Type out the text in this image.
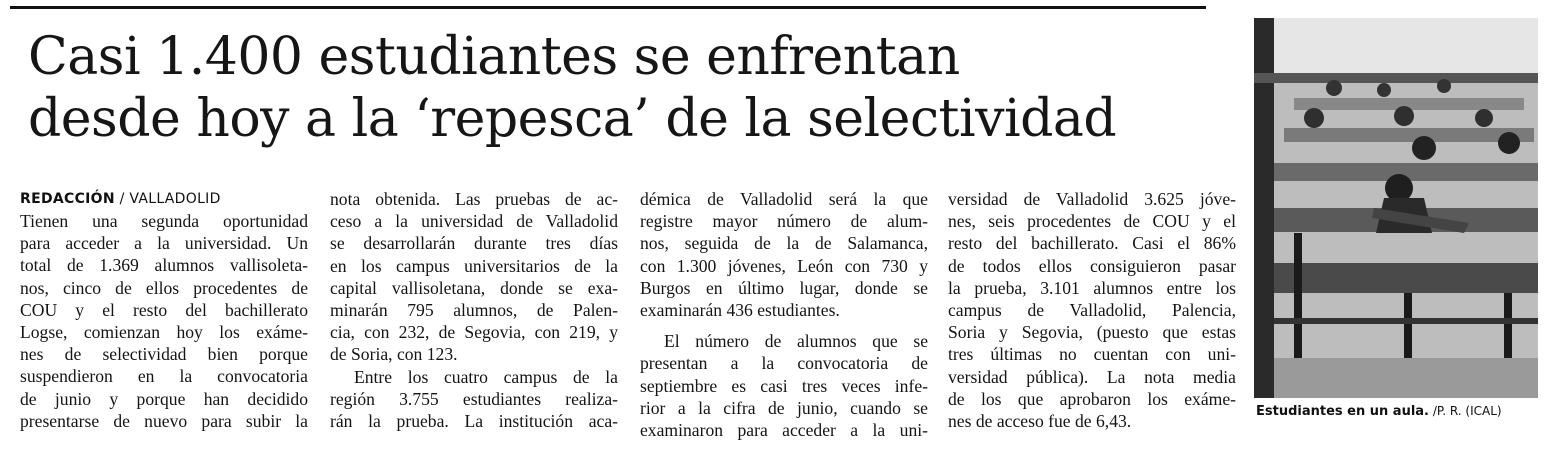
Casi 1.400 estudiantes se enfrentan
desde hoy a la ‘repesca’ de la selectividad
REDACCIÓN / VALLADOLID
Tienen una segunda oportunidad
para acceder a la universidad. Un
total de 1.369 alumnos vallisoleta-
nos, cinco de ellos procedentes de
COU y el resto del bachillerato
Logse, comienzan hoy los exáme-
nes de selectividad bien porque
suspendieron en la convocatoria
de junio y porque han decidido
presentarse de nuevo para subir la
nota obtenida. Las pruebas de ac-
ceso a la universidad de Valladolid
se desarrollarán durante tres días
en los campus universitarios de la
capital vallisoletana, donde se exa-
minarán 795 alumnos, de Palen-
cia, con 232, de Segovia, con 219, y
de Soria, con 123.
Entre los cuatro campus de la
región 3.755 estudiantes realiza-
rán la prueba. La institución aca-
démica de Valladolid será la que
registre mayor número de alum-
nos, seguida de la de Salamanca,
con 1.300 jóvenes, León con 730 y
Burgos en último lugar, donde se
examinarán 436 estudiantes.
El número de alumnos que se
presentan a la convocatoria de
septiembre es casi tres veces infe-
rior a la cifra de junio, cuando se
examinaron para acceder a la uni-
versidad de Valladolid 3.625 jóve-
nes, seis procedentes de COU y el
resto del bachillerato. Casi el 86%
de todos ellos consiguieron pasar
la prueba, 3.101 alumnos entre los
campus de Valladolid, Palencia,
Soria y Segovia, (puesto que estas
tres últimas no cuentan con uni-
versidad pública). La nota media
de los que aprobaron los exáme-
nes de acceso fue de 6,43.	Estudiantes en un aula. /P. R. (ICAL)
